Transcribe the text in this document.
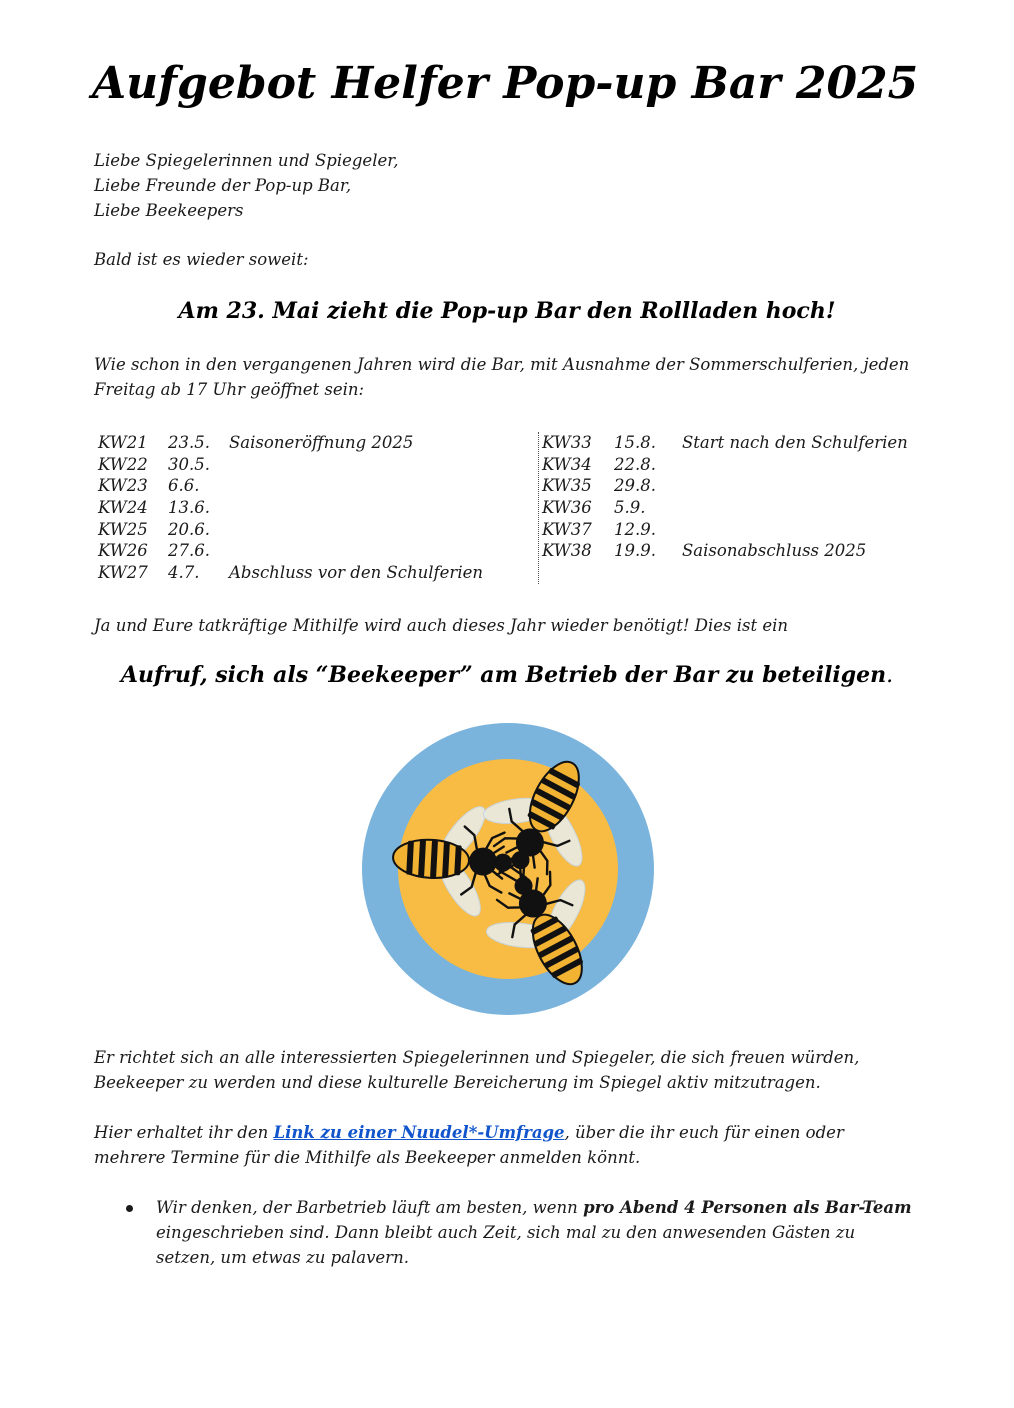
Aufgebot Helfer Pop-up Bar 2025
Liebe Spiegelerinnen und Spiegeler,
Liebe Freunde der Pop-up Bar,
Liebe Beekeepers

Bald ist es wieder soweit:

Am 23. Mai zieht die Pop-up Bar den Rollladen hoch!

Wie schon in den vergangenen Jahren wird die Bar, mit Ausnahme der Sommerschulferien, jeden Freitag ab 17 Uhr geöffnet sein:

KW21	23.5.	Saisoneröffnung 2025
KW22	30.5.
KW23	6.6.
KW24	13.6.
KW25	20.6.
KW26	27.6.
KW27	4.7.	Abschluss vor den Schulferien
KW33	15.8.	Start nach den Schulferien
KW34	22.8.
KW35	29.8.
KW36	5.9.
KW37	12.9.
KW38	19.9.	Saisonabschluss 2025

Ja und Eure tatkräftige Mithilfe wird auch dieses Jahr wieder benötigt! Dies ist ein

Aufruf, sich als “Beekeeper” am Betrieb der Bar zu beteiligen.

Er richtet sich an alle interessierten Spiegelerinnen und Spiegeler, die sich freuen würden, Beekeeper zu werden und diese kulturelle Bereicherung im Spiegel aktiv mitzutragen.

Hier erhaltet ihr den Link zu einer Nuudel*-Umfrage, über die ihr euch für einen oder mehrere Termine für die Mithilfe als Beekeeper anmelden könnt.

Wir denken, der Barbetrieb läuft am besten, wenn pro Abend 4 Personen als Bar-Team eingeschrieben sind. Dann bleibt auch Zeit, sich mal zu den anwesenden Gästen zu setzen, um etwas zu palavern.
